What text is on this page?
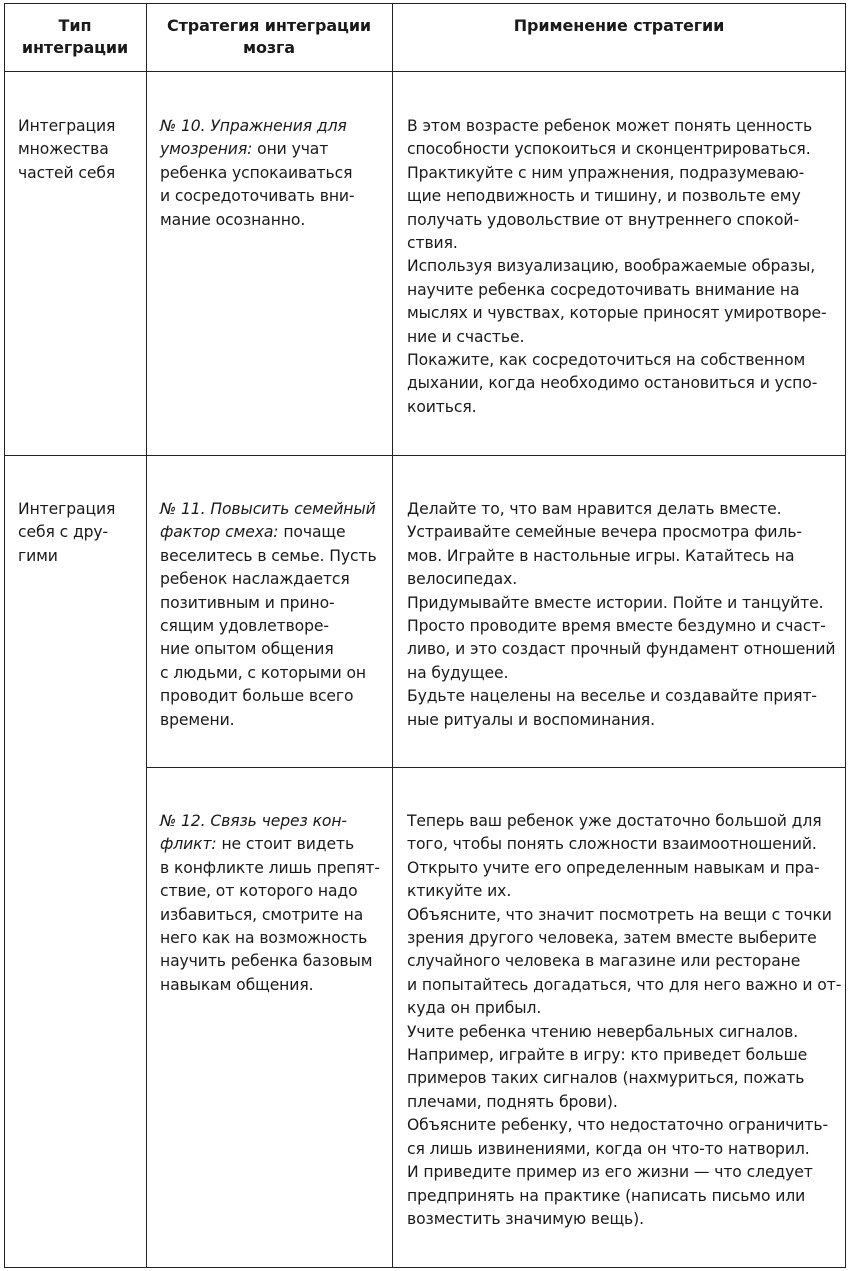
Тип
интеграции
Стратегия интеграции
мозга
Применение стратегии
Интеграция
множества
частей себя
№ 10. Упражнения для
умозрения: они учат
ребенка успокаиваться
и сосредоточивать вни-
мание осознанно.
В этом возрасте ребенок может понять ценность
способности успокоиться и сконцентрироваться.
Практикуйте с ним упражнения, подразумеваю-
щие неподвижность и тишину, и позвольте ему
получать удовольствие от внутреннего спокой-
ствия.
Используя визуализацию, воображаемые образы,
научите ребенка сосредоточивать внимание на
мыслях и чувствах, которые приносят умиротворе-
ние и счастье.
Покажите, как сосредоточиться на собственном
дыхании, когда необходимо остановиться и успо-
коиться.
Интеграция
себя с дру-
гими
№ 11. Повысить семейный
фактор смеха: почаще
веселитесь в семье. Пусть
ребенок наслаждается
позитивным и прино-
сящим удовлетворе-
ние опытом общения
с людьми, с которыми он
проводит больше всего
времени.
Делайте то, что вам нравится делать вместе.
Устраивайте семейные вечера просмотра филь-
мов. Играйте в настольные игры. Катайтесь на
велосипедах.
Придумывайте вместе истории. Пойте и танцуйте.
Просто проводите время вместе бездумно и счаст-
ливо, и это создаст прочный фундамент отношений
на будущее.
Будьте нацелены на веселье и создавайте прият-
ные ритуалы и воспоминания.
№ 12. Связь через кон-
фликт: не стоит видеть
в конфликте лишь препят-
ствие, от которого надо
избавиться, смотрите на
него как на возможность
научить ребенка базовым
навыкам общения.
Теперь ваш ребенок уже достаточно большой для
того, чтобы понять сложности взаимоотношений.
Открыто учите его определенным навыкам и пра-
ктикуйте их.
Объясните, что значит посмотреть на вещи с точки
зрения другого человека, затем вместе выберите
случайного человека в магазине или ресторане
и попытайтесь догадаться, что для него важно и от-
куда он прибыл.
Учите ребенка чтению невербальных сигналов.
Например, играйте в игру: кто приведет больше
примеров таких сигналов (нахмуриться, пожать
плечами, поднять брови).
Объясните ребенку, что недостаточно ограничить-
ся лишь извинениями, когда он что-то натворил.
И приведите пример из его жизни — что следует
предпринять на практике (написать письмо или
возместить значимую вещь).
